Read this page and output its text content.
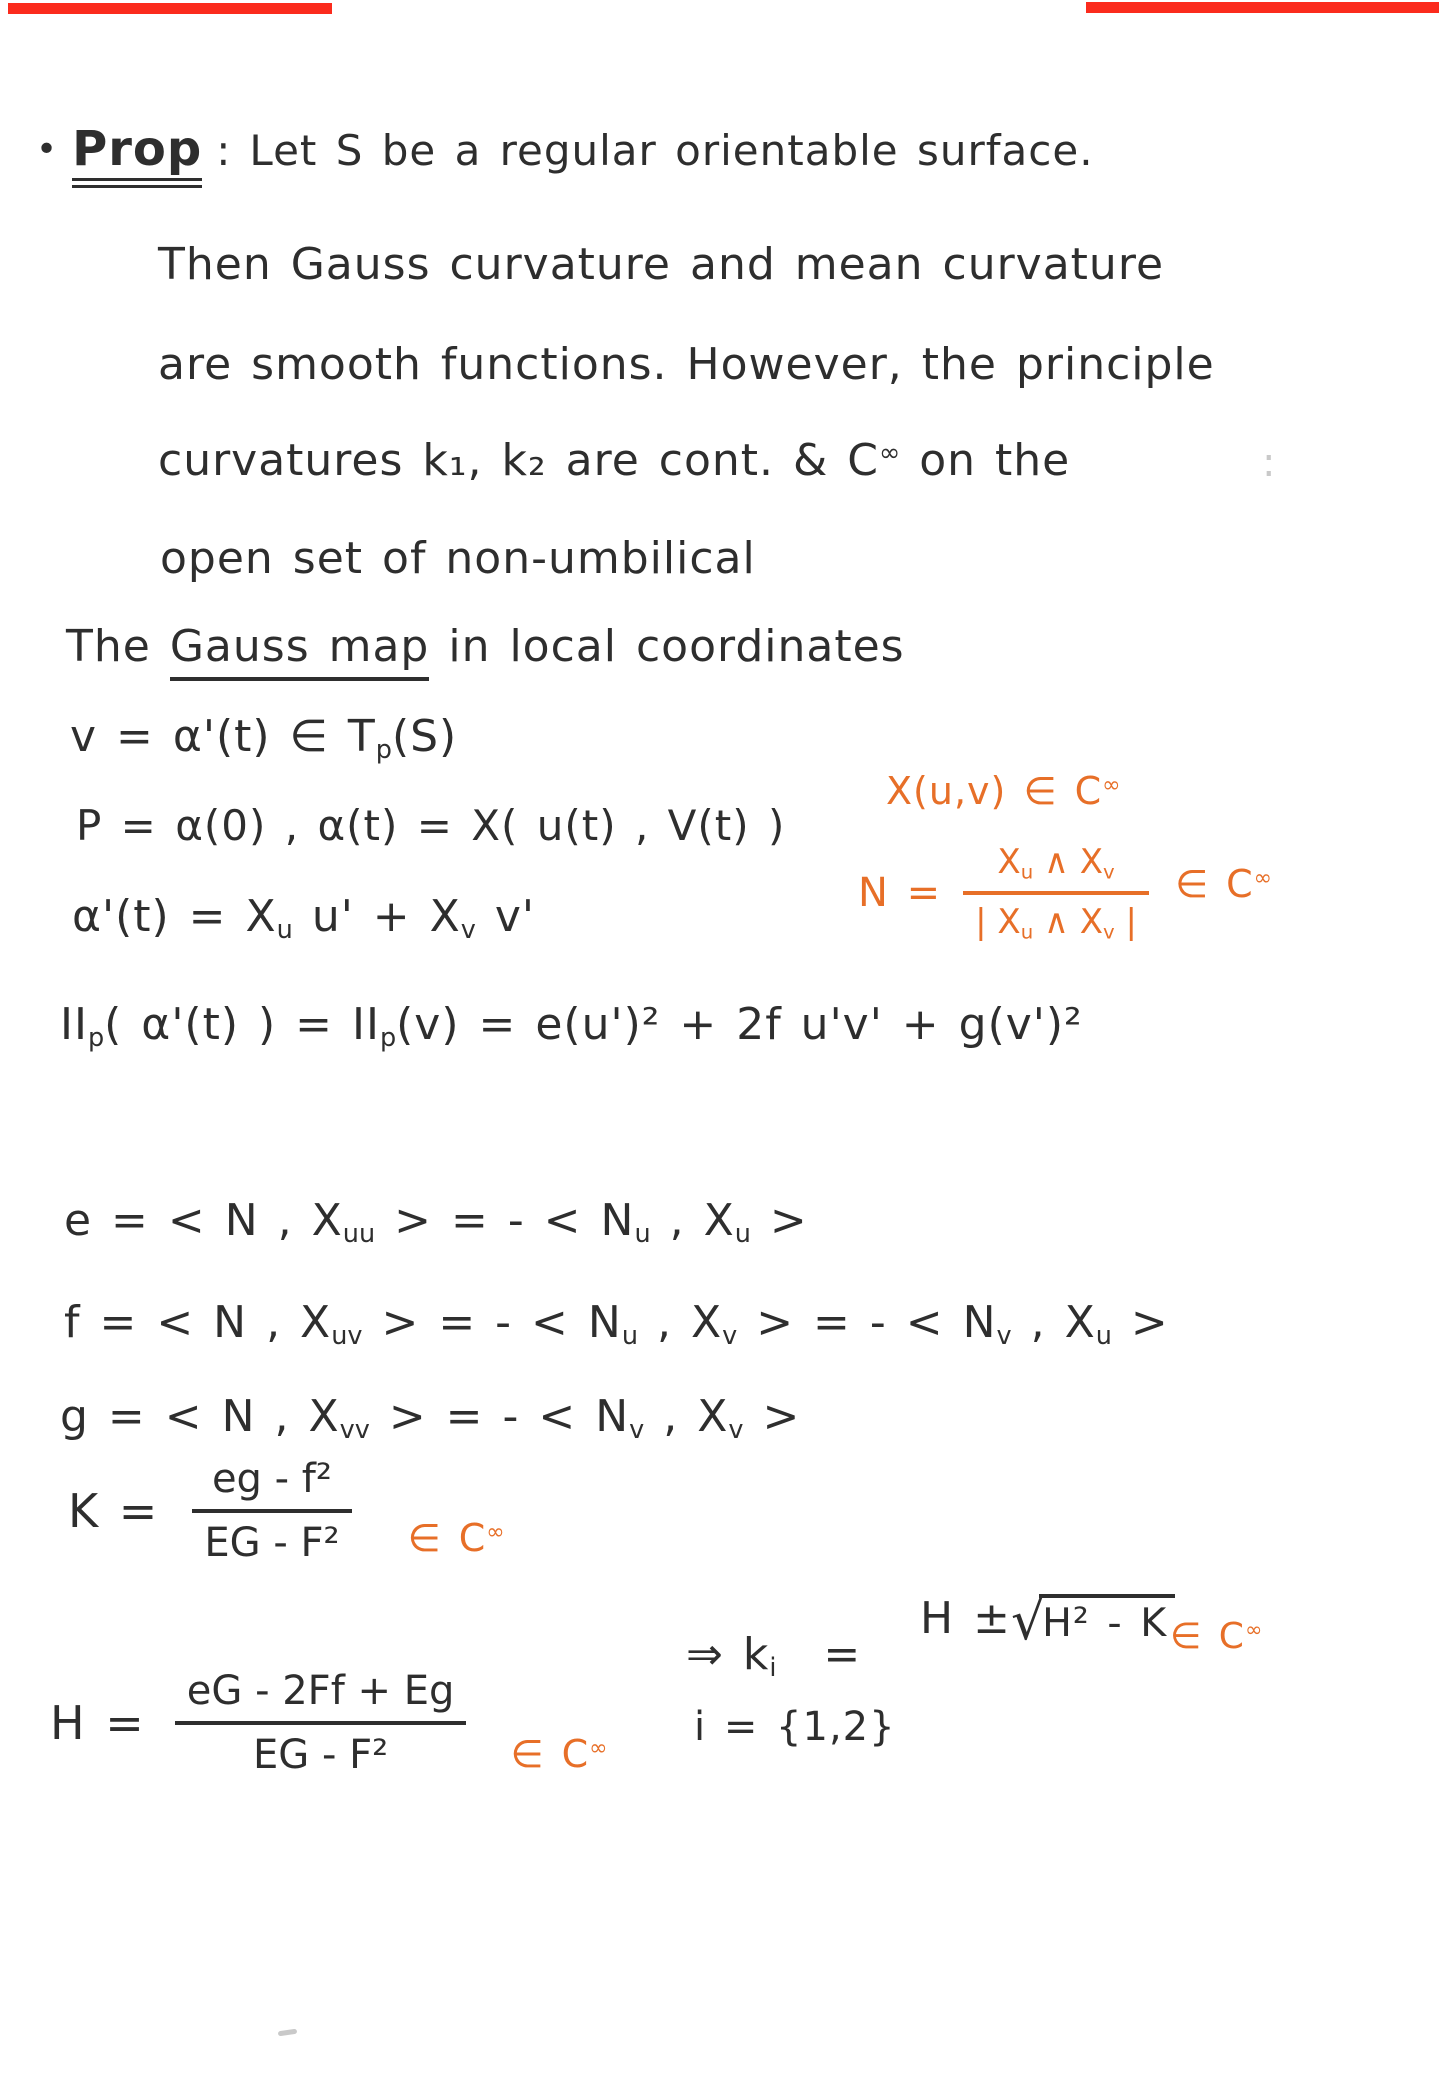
• Prop : Let S be a regular orientable surface.
Then Gauss curvature and mean curvature
are smooth functions. However, the principle
curvatures k₁, k₂ are cont. & C∞ on the	:
open set of non-umbilical
The Gauss map in local coordinates
v = α'(t) ∈ $T_p(S)$
P = α(0) , α(t) = X( u(t) , V(t) )
X(u,v) ∈ C∞
$\alpha'(t) = X_u$ $u' + X_v$ v'	$N = \frac{X_u \wedge X_v}{| X_u \wedge X_v |}$ ∈ C∞
$II_p$( α'(t) ) = $II_p(v) = e(u')^2 + 2f$ u'v' + g(v')²
e = < N , $X_{uu}$ > = - < $N_u$ , $X_u$ >
f = < N , $X_{uv}$ > = - < $N_u$ , $X_v$ > = - < $N_v$ , $X_u$ >
g = < N , $X_{vv}$ > = - < $N_v$ , $X_v$ >
$K = \frac{\text{eg - f²}}{\text{EG - F²}}$ ∈ C∞
⇒ $k_i$ =
H ± √
H² - K ∈ C∞
i = {1,2}
$H = \frac{eG - 2Ff + Eg}{\text{EG - F²}}$ ∈ C∞
